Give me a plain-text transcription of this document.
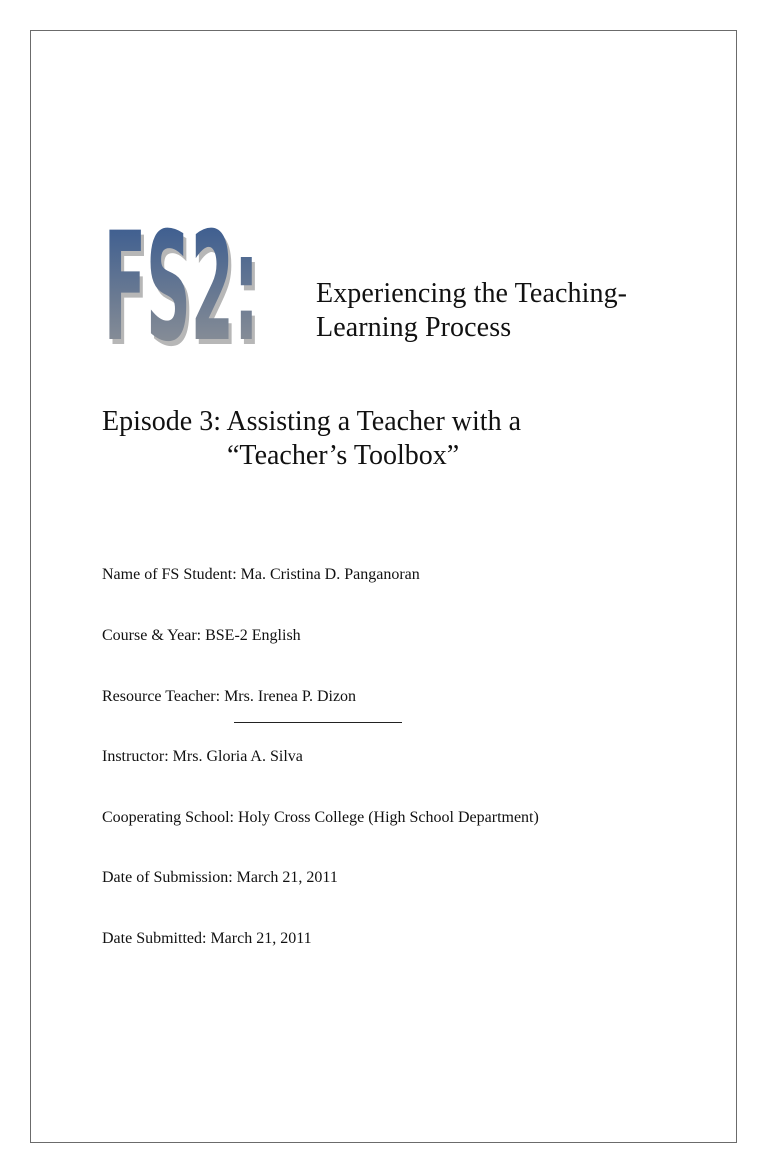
FS2:
FS2: Experiencing the Teaching-
Learning Process
Episode 3: Assisting a Teacher with a
“Teacher’s Toolbox”
Name of FS Student: Ma. Cristina D. Panganoran
Course & Year: BSE-2 English
Resource Teacher: Mrs. Irenea P. Dizon
Instructor:Mrs. Gloria A. Silva
Cooperating School: Holy Cross College (High School Department)
Date of Submission: March 21, 2011
Date Submitted: March 21, 2011
